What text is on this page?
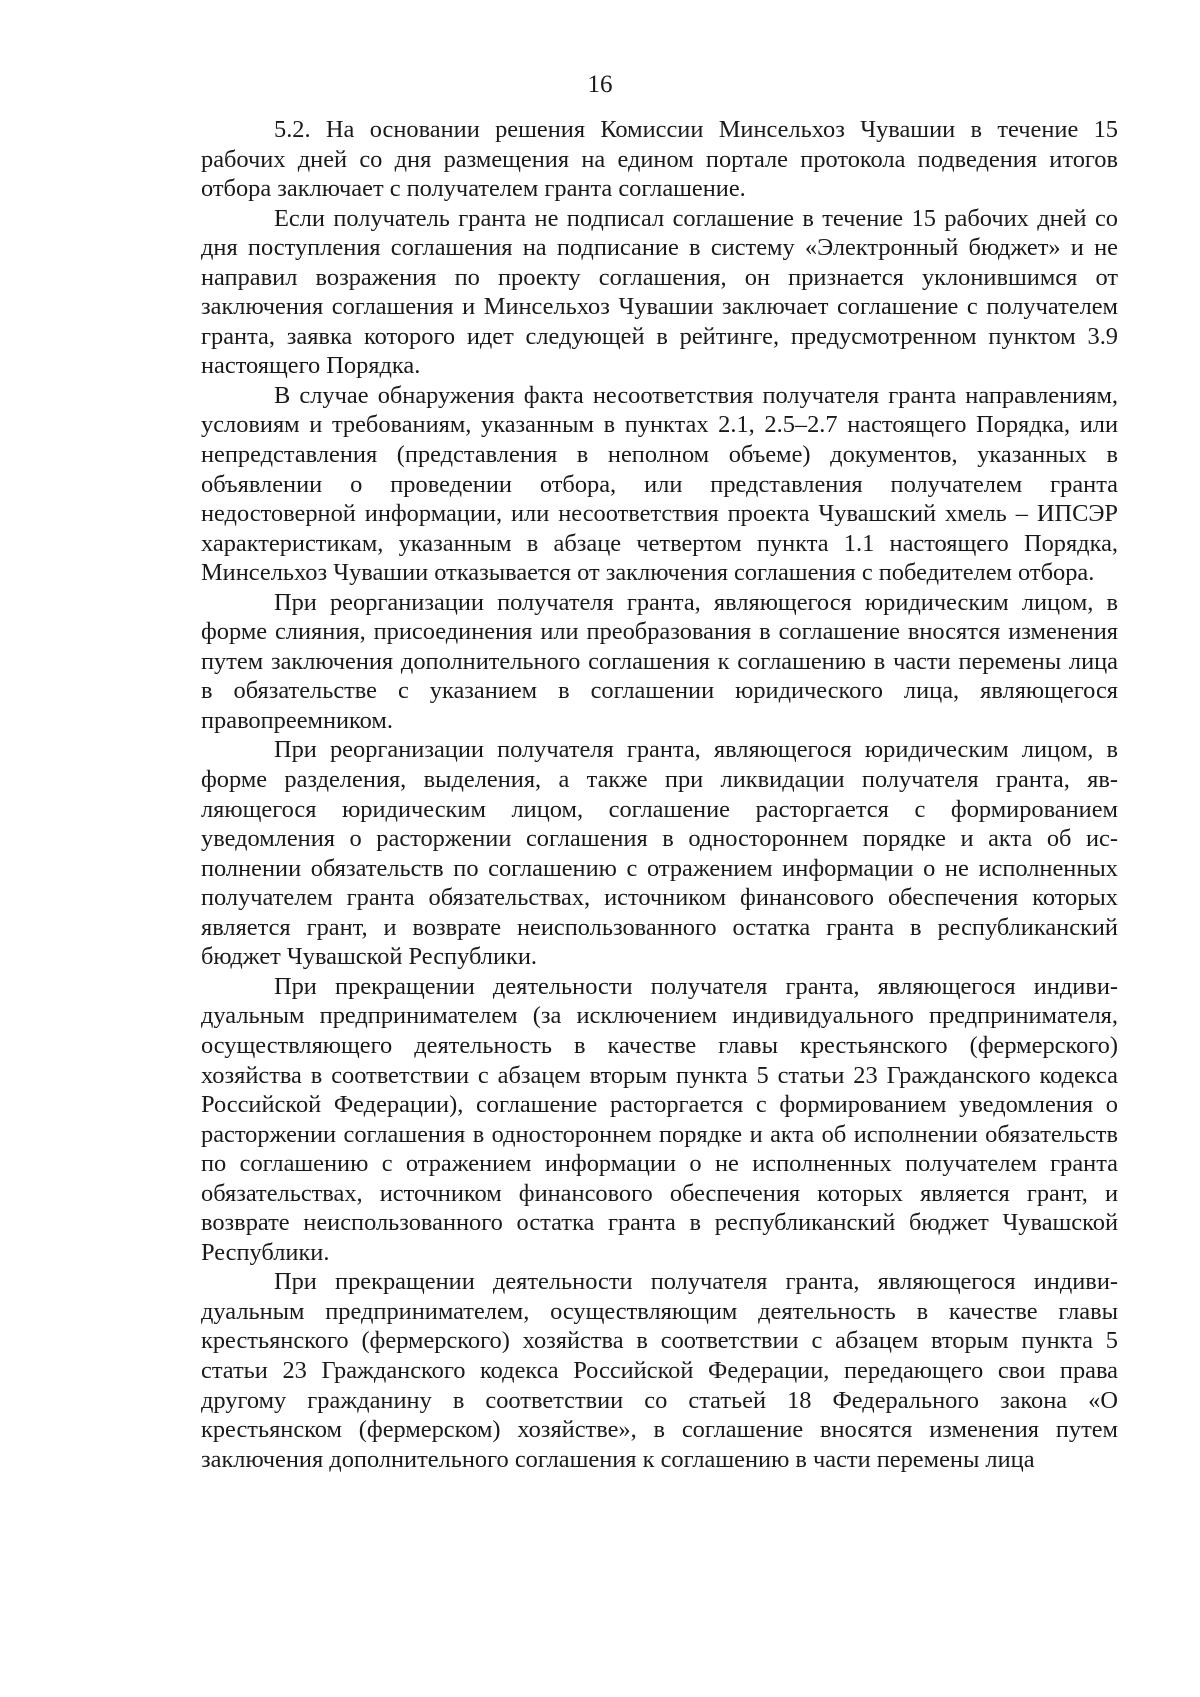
16

5.2. На основании решения Комиссии Минсельхоз Чувашии в течение 15 рабочих дней со дня размещения на едином портале протокола подведения итогов отбора заключает с получателем гранта соглашение.

Если получатель гранта не подписал соглашение в течение 15 рабочих дней со дня поступления соглашения на подписание в систему «Электронный бюджет» и не направил возражения по проекту соглашения, он признается уклонившимся от заключения соглашения и Минсельхоз Чувашии заключает соглашение с получателем гранта, заявка которого идет следующей в рейтинге, предусмотренном пунктом 3.9 настоящего Порядка.

В случае обнаружения факта несоответствия получателя гранта направлениям, условиям и требованиям, указанным в пунктах 2.1, 2.5–2.7 настоящего Порядка, или непредставления (представления в неполном объеме) документов, указанных в объявлении о проведении отбора, или представления получателем гранта недостоверной информации, или несоответствия проекта Чувашский хмель – ИПСЭР характеристикам, указанным в абзаце четвертом пункта 1.1 настоящего Порядка, Минсельхоз Чувашии отказывается от заключения соглашения с победителем отбора.

При реорганизации получателя гранта, являющегося юридическим лицом, в форме слияния, присоединения или преобразования в соглашение вносятся изменения путем заключения дополнительного соглашения к соглашению в части перемены лица в обязательстве с указанием в соглашении юридического лица, являющегося правопреемником.

При реорганизации получателя гранта, являющегося юридическим лицом, в форме разделения, выделения, а также при ликвидации получателя гранта, являющегося юридическим лицом, соглашение расторгается с формированием уведомления о расторжении соглашения в одностороннем порядке и акта об исполнении обязательств по соглашению с отражением информации о не исполненных получателем гранта обязательствах, источником финансового обеспечения которых является грант, и возврате неиспользованного остатка гранта в республиканский бюджет Чувашской Республики.

При прекращении деятельности получателя гранта, являющегося индивидуальным предпринимателем (за исключением индивидуального предпринимателя, осуществляющего деятельность в качестве главы крестьянского (фермерского) хозяйства в соответствии с абзацем вторым пункта 5 статьи 23 Гражданского кодекса Российской Федерации), соглашение расторгается с формированием уведомления о расторжении соглашения в одностороннем порядке и акта об исполнении обязательств по соглашению с отражением информации о не исполненных получателем гранта обязательствах, источником финансового обеспечения которых является грант, и возврате неиспользованного остатка гранта в республиканский бюджет Чувашской Республики.

При прекращении деятельности получателя гранта, являющегося индивидуальным предпринимателем, осуществляющим деятельность в качестве главы крестьянского (фермерского) хозяйства в соответствии с абзацем вторым пункта 5 статьи 23 Гражданского кодекса Российской Федерации, передающего свои права другому гражданину в соответствии со статьей 18 Федерального закона «О крестьянском (фермерском) хозяйстве», в соглашение вносятся изменения путем заключения дополнительного соглашения к соглашению в части перемены лица
